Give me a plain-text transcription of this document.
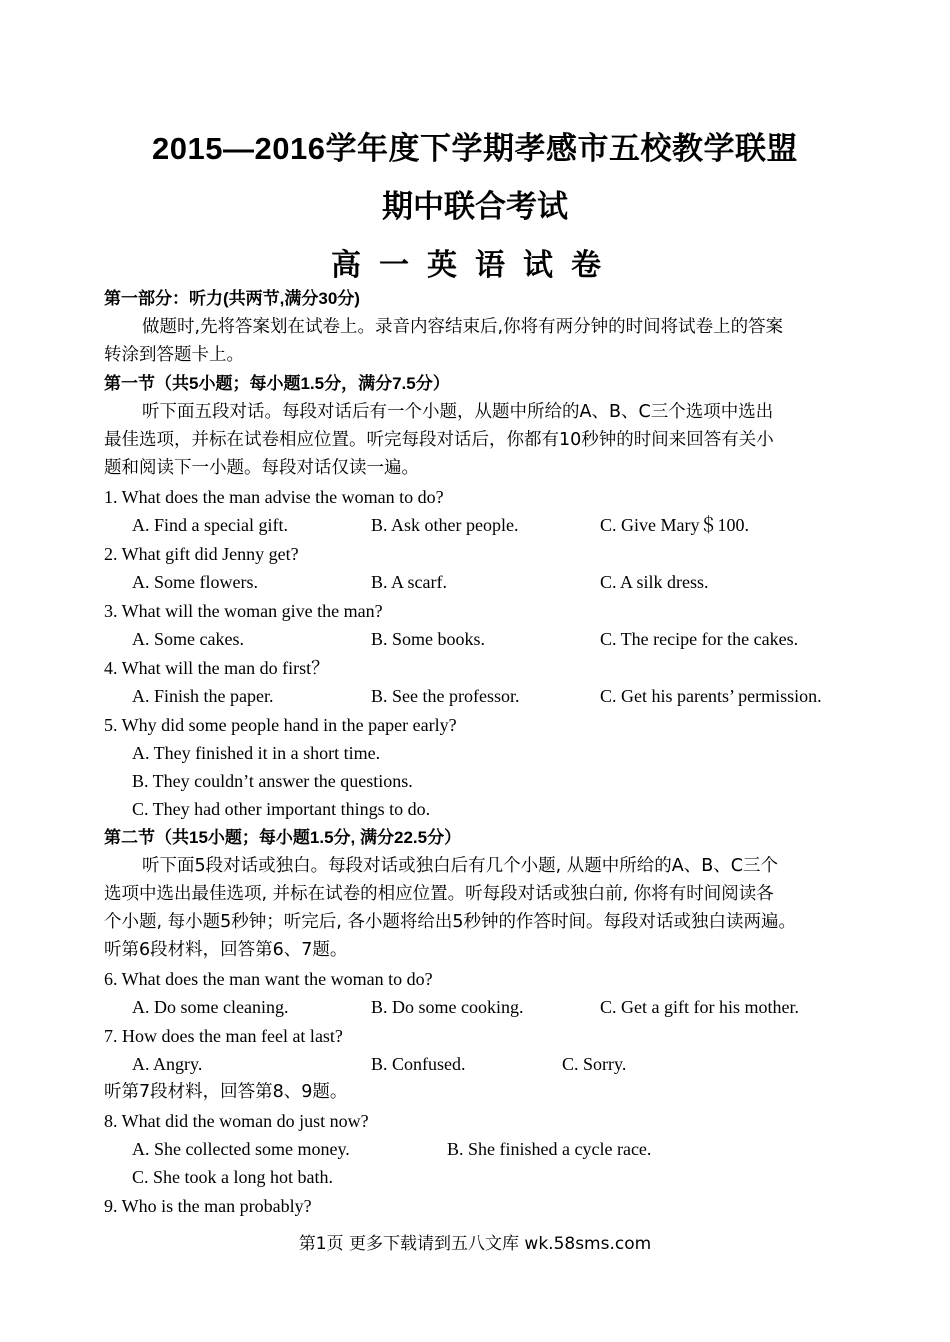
2015—2016学年度下学期孝感市五校教学联盟
期中联合考试
高一英语试卷
第一部分：听力(共两节,满分30分)
做题时,先将答案划在试卷上。录音内容结束后,你将有两分钟的时间将试卷上的答案
转涂到答题卡上。
第一节（共5小题；每小题1.5分，满分7.5分）
听下面五段对话。每段对话后有一个小题，从题中所给的A、B、C三个选项中选出
最佳选项，并标在试卷相应位置。听完每段对话后，你都有10秒钟的时间来回答有关小
题和阅读下一小题。每段对话仅读一遍。
1. What does the man advise the woman to do?
A. Find a special gift.	B. Ask other people.	C. Give Mary＄100.
2. What gift did Jenny get?
A. Some flowers.	B. A scarf.	C. A silk dress.
3. What will the woman give the man?
A. Some cakes.	B. Some books.	C. The recipe for the cakes.
4. What will the man do first？
A. Finish the paper.	B. See the professor.	C. Get his parents’ permission.
5. Why did some people hand in the paper early?
A. They finished it in a short time.
B. They couldn’t answer the questions.
C. They had other important things to do.
第二节（共15小题；每小题1.5分, 满分22.5分）
听下面5段对话或独白。每段对话或独白后有几个小题, 从题中所给的A、B、C三个
选项中选出最佳选项, 并标在试卷的相应位置。听每段对话或独白前, 你将有时间阅读各
个小题, 每小题5秒钟；听完后, 各小题将给出5秒钟的作答时间。每段对话或独白读两遍。
听第6段材料，回答第6、7题。
6. What does the man want the woman to do?
A. Do some cleaning.	B. Do some cooking.	C. Get a gift for his mother.
7. How does the man feel at last?
A. Angry.	B. Confused.	C. Sorry.
听第7段材料，回答第8、9题。
8. What did the woman do just now?
A. She collected some money.	B. She finished a cycle race.
C. She took a long hot bath.
9. Who is the man probably?
第1页 更多下载请到五八文库 wk.58sms.com
